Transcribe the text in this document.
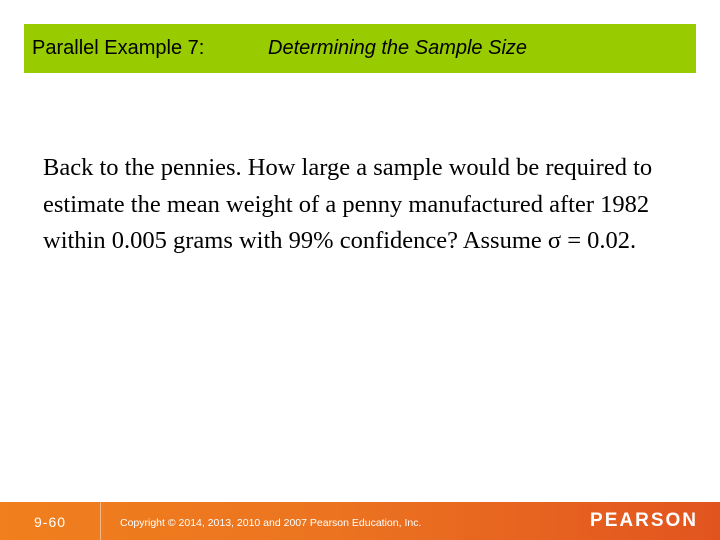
Parallel Example 7:	Determining the Sample Size
Back to the pennies. How large a sample would be required to estimate the mean weight of a penny manufactured after 1982 within 0.005 grams with 99% confidence? Assume σ = 0.02.
9-60	Copyright © 2014, 2013, 2010 and 2007 Pearson Education, Inc.	PEARSON
